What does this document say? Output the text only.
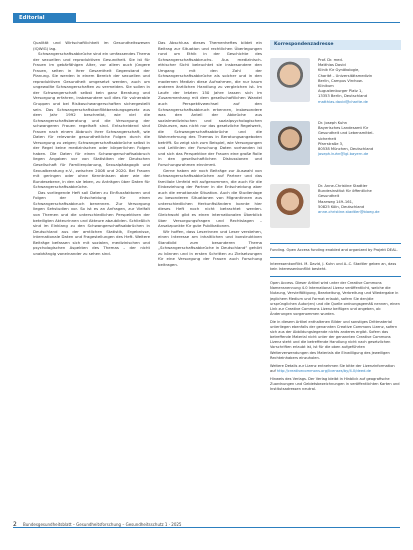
Editorial

Qualität und Wirtschaftlichkeit im Gesundheitswesen (IQWiG) lag.

Schwangerschaftsabbrüche sind ein umfassendes Thema der sexuellen und reproduktiven Gesundheit. Sie ist für Frauen im gebärfähigen Alter, vor allem auch jüngere Frauen, selten in ihrer Gesamtheit Gegenstand der Planung. Sie werden in einem Bereich der sexuellen und reproduktiven Gesundheit umgesetzt werden, auch um ungewollte Schwangerschaften zu vermeiden. Sie sollen in der Schwangerschaft selbst kein ganz Beratung und Versorgung erfahren, insbesondere soll dies für vulnerable Gruppen und bei Risikoschwangerschaften sichergestellt sein. Das Schwangerschaftskonfliktberatungsgesetz aus dem Jahr 1992 beschreibt, wie viel die Schwangerschaftsberatung und die Versorgung der schwangeren Frauen regelhaft sind. Entscheidend sind Frauen nach einem Abbruch ihrer Schwangerschaft, wie Daten für relevante gesundheitliche Folgen durch die Versorgung zu zeigen; Schwangerschaftsabbrüche selbst in der Regel keine medizinischen oder körperlichen Folgen haben. Die Daten für einen Schwangerschaftsabbruch liegen Angaben vor von Statistiken der Deutschen Gesellschaft für Familienplanung, Sexualpädagogik und Sexualberatung e.V., zwischen 2008 und 2020. Bei Frauen mit geringen oder ohne Kenntnissen aber wie der Bundesebene, in den sie leben, zu Anträgen über Daten für Schwangerschaftsabbrüche.

Das vorliegende Heft soll Daten zu Einflussfaktoren und Folgen der Entscheidung für einen Schwangerschaftsabbruch benennen. Zur Versorgung liegen Sehstudien vor. So ist es an Anfragen, zur Vielfalt von Themen und die unterschiedlichen Perspektiven der beteiligten Akteurinnen und Akteure abzubilden. Schließlich sind im Einklang zu den Schwangerschaftsabbrüchen in Deutschland aus der amtlichen Statistik, Ergebnisse, internationale Daten und Fragestellungen des Heft. Weitere Beiträge befassen sich mit sozialen, medizinischen und psychologischen Aspekten des Themas – der nicht unabhängig voneinander zu sehen sind.

Das Abschluss dieses Themenheftes bildet ein Beitrag zur Situation und rechtlichen Überlegungen rund um Ethik in der Geschichte des Schwangerschaftsabbruchs. Aus medizinisch-ethischer Sicht beleuchtet sie insbesondere den Umgang mit den Zahl der Schwangerschaftsabbrüche als solcher und in den modernen Medizin diese Aufnahmen, die nur kaum anderen ärztlichen Handlung zu vergleichen ist. Im Laufe der letzten 150 Jahre lassen sich im Zusammenhang mit dem gesellschaftlichen Wandel auch Perspektivwechsel auf den Schwangerschaftsabbruch erkennen, insbesondere was den Anteil der Abbrüche aus sozialmedizinischen und sozialpsychologischen Diskursen, was nicht nur das gesetzliche Regelwerk, die Schwangerschaftsabbrüche und die Wahrnehmung des Themas in Beratungsangeboten betrifft. So zeigt sich zum Beispiel, wie Versorgungen und Leitlinien der Forschung Daten vorhanden ist und sich das Perspektive der Frauen eine große Rolle in den gesellschaftlichen Diskussionen und Forschungsrahmen einnimmt.

Gerne haben wir noch Beiträge zur Auswahl von Schwangerschaftsabbrüchen auf Partner und das familiale Umfeld mit aufgenommen, die auch für die Einbeziehung der Partner in die Entscheidung aber auch die emotionale Situation. Auch die Studienlage zu besonderen Situationen von Migrantinnen aus unterschiedlichen Herkunftsländern konnte hier dieses Heft noch nicht betrachtet werden. Gleichwohl gibt es einen internationalen Überblick über Versorgungsfragen und Rechtslagen – Ansatzpunkte für gute Publikationen.

Wir hoffen, dass Leserinnen und Leser verstehen, einen Interesse am inhaltlichen und konstruktiven Standbild zum besonderen Thema „Schwangerschaftsabbrüche in Deutschland“ gehört zu können und in ersten Schritten zu Zielsetzungen für eine Versorgung der Frauen auch Forschung beitragen.

Korrespondenzadresse
Prof. Dr. med.
Matthias David
Klinik für Gynäkologie,
Charité – Universitätsmedizin
Berlin, Campus Virchow-
Klinikum
Augustenburger Platz 1,
13353 Berlin, Deutschland
matthias.david@charite.de
Dr. Joseph Kuhn
Bayerisches Landesamt für
Gesundheit und Lebensmittel-
sicherheit
Pfarrstraße 3,
80538 München, Deutschland
joseph.kuhn@lgl.bayern.de
Dr. Anne-Christine Stadtler
Bundesinstitut für öffentliche
Gesundheit
Maarweg 149–161,
50825 Köln, Deutschland
anne-christine.stadtler@bioeg.de
Funding. Open Access funding enabled and organized by Projekt DEAL.
Interessenkonflikt. M. David, J. Kuhn und A.-C. Stadtler geben an, dass kein Interessenkonflikt besteht.
Open Access. Dieser Artikel wird unter der Creative Commons Namensnennung 4.0 International Lizenz veröffentlicht, welche die Nutzung, Vervielfältigung, Bearbeitung, Verbreitung und Wiedergabe in jeglichem Medium und Format erlaubt, sofern Sie den/die ursprünglichen Autor(en) und die Quelle ordnungsgemäß nennen, einen Link zur Creative Commons Lizenz beifügen und angeben, ob Änderungen vorgenommen wurden.
Die in diesem Artikel enthaltenen Bilder und sonstiges Drittmaterial unterliegen ebenfalls der genannten Creative Commons Lizenz, sofern sich aus der Abbildungslegende nichts anderes ergibt. Sofern das betreffende Material nicht unter der genannten Creative Commons Lizenz steht und die betreffende Handlung nicht nach gesetzlichen Vorschriften erlaubt ist, ist für die oben aufgeführten Weiterverwendungen des Materials die Einwilligung des jeweiligen Rechteinhabers einzuholen.
Weitere Details zur Lizenz entnehmen Sie bitte der Lizenzinformation auf http://creativecommons.org/licenses/by/4.0/deed.de
Hinweis des Verlags. Der Verlag bleibt in Hinblick auf geografische Zuordnungen und Gebietsbezeichnungen in veröffentlichten Karten und Institutsadressen neutral.
2 Bundesgesundheitsblatt – Gesundheitsforschung – Gesundheitsschutz 1 · 2025
